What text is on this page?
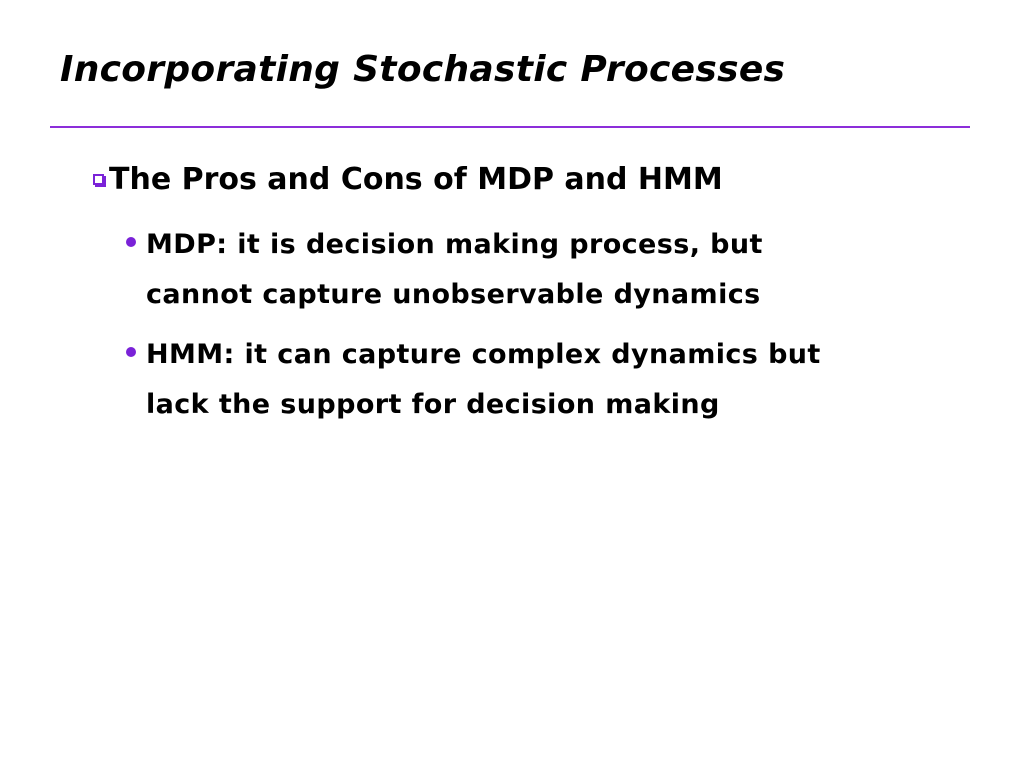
Incorporating Stochastic Processes
The Pros and Cons of MDP and HMM
MDP: it is decision making process, but
cannot capture unobservable dynamics
HMM: it can capture complex dynamics but
lack the support for decision making
